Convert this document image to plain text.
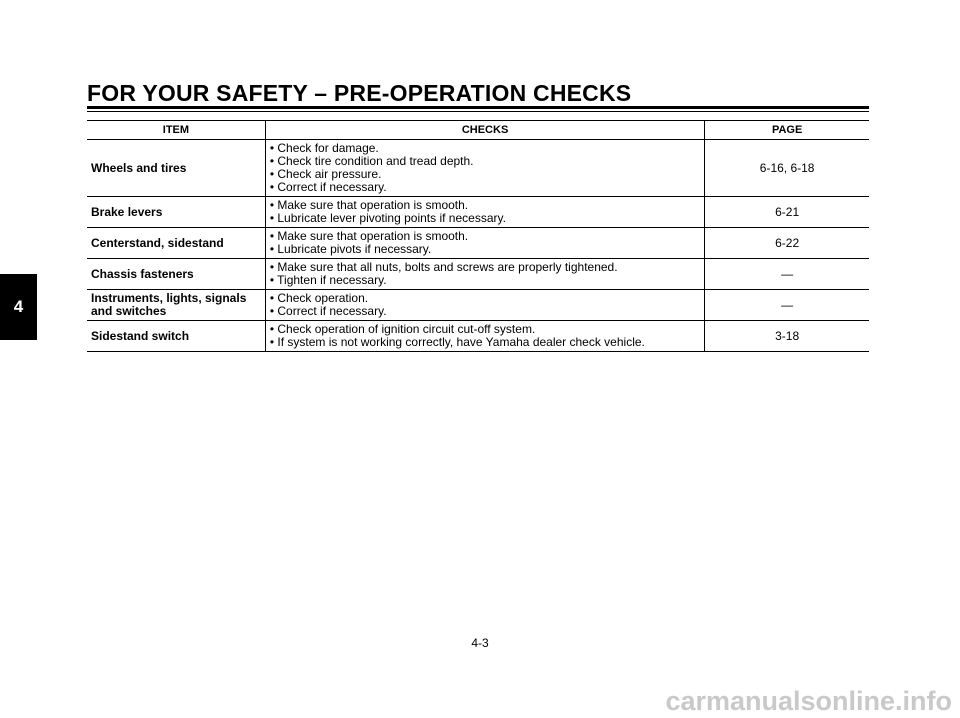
FOR YOUR SAFETY – PRE-OPERATION CHECKS
4
ITEM	CHECKS	PAGE

Wheels and tires	• Check for damage.
• Check tire condition and tread depth.
• Check air pressure.
• Correct if necessary.	6-16, 6-18

Brake levers	• Make sure that operation is smooth.
• Lubricate lever pivoting points if necessary.	6-21

Centerstand, sidestand	• Make sure that operation is smooth.
• Lubricate pivots if necessary.	6-22

Chassis fasteners	• Make sure that all nuts, bolts and screws are properly tightened.
• Tighten if necessary.	—

Instruments, lights, signals
and switches	• Check operation.
• Correct if necessary.	—

Sidestand switch	• Check operation of ignition circuit cut-off system.
• If system is not working correctly, have Yamaha dealer check vehicle.	3-18
4-3
carmanualsonline.info
